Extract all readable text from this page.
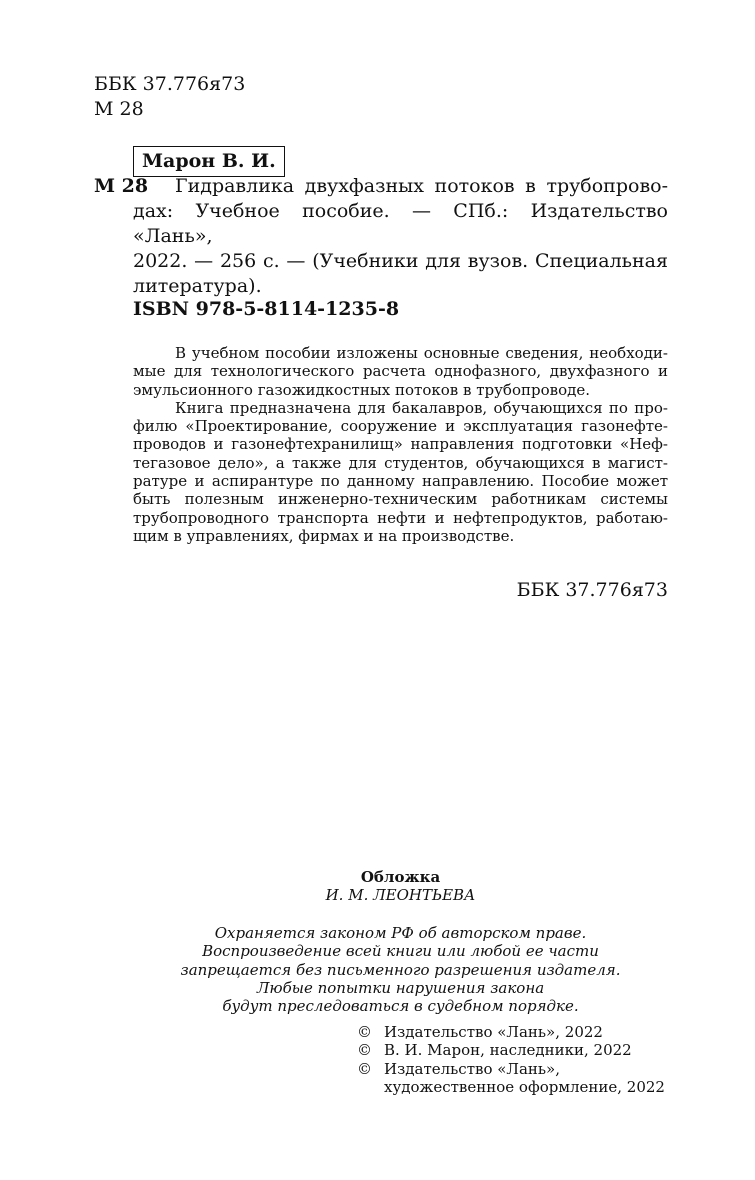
ББК 37.776я73
М 28
Марон В. И.
М 28 Гидравлика двухфазных потоков в трубопрово-
дах: Учебное пособие. — СПб.: Издательство «Лань»,
2022. — 256 с. — (Учебники для вузов. Специальная
литература).
ISBN 978-5-8114-1235-8
В учебном пособии изложены основные сведения, необходи-
мые для технологического расчета однофазного, двухфазного и
эмульсионного газожидкостных потоков в трубопроводе.
Книга предназначена для бакалавров, обучающихся по про-
филю «Проектирование, сооружение и эксплуатация газонефте-
проводов и газонефтехранилищ» направления подготовки «Неф-
тегазовое дело», а также для студентов, обучающихся в магист-
ратуре и аспирантуре по данному направлению. Пособие может
быть полезным инженерно-техническим работникам системы
трубопроводного транспорта нефти и нефтепродуктов, работаю-
щим в управлениях, фирмах и на производстве.
ББК 37.776я73
Обложка
И. М. ЛЕОНТЬЕВА
Охраняется законом РФ об авторском праве.
Воспроизведение всей книги или любой ее части
запрещается без письменного разрешения издателя.
Любые попытки нарушения закона
будут преследоваться в судебном порядке.
© Издательство «Лань», 2022
© В. И. Марон, наследники, 2022
© Издательство «Лань»,
художественное оформление, 2022
